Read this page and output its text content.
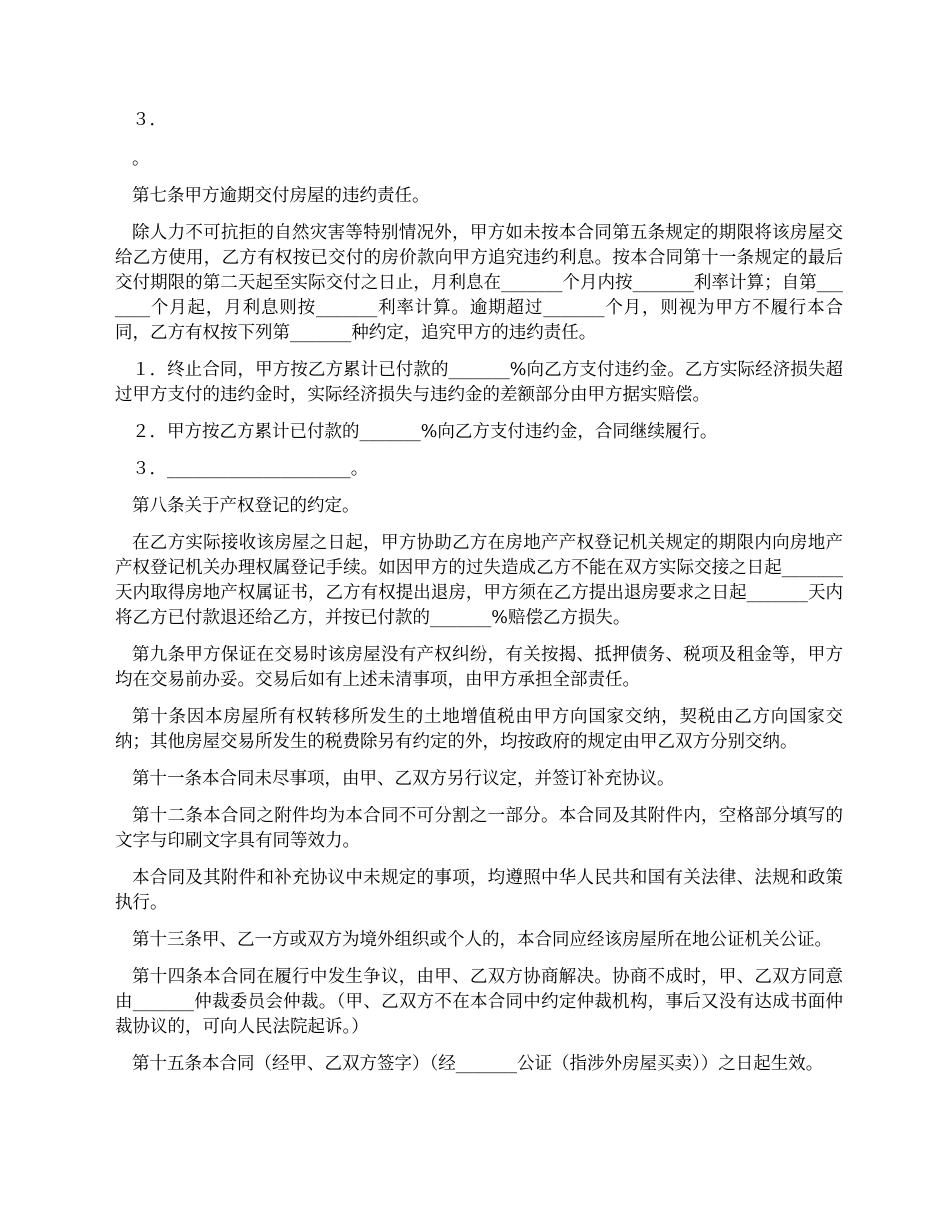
３．

。

第七条甲方逾期交付房屋的违约责任。

除人力不可抗拒的自然灾害等特别情况外，甲方如未按本合同第五条规定的期限将该房屋交给乙方使用，乙方有权按已交付的房价款向甲方追究违约利息。按本合同第十一条规定的最后交付期限的第二天起至实际交付之日止，月利息在_______个月内按_______利率计算；自第_______个月起，月利息则按_______利率计算。逾期超过_______个月，则视为甲方不履行本合同，乙方有权按下列第_______种约定，追究甲方的违约责任。

１．终止合同，甲方按乙方累计已付款的_______%向乙方支付违约金。乙方实际经济损失超过甲方支付的违约金时，实际经济损失与违约金的差额部分由甲方据实赔偿。

２．甲方按乙方累计已付款的_______%向乙方支付违约金，合同继续履行。

３．_____________________。

第八条关于产权登记的约定。

在乙方实际接收该房屋之日起，甲方协助乙方在房地产产权登记机关规定的期限内向房地产产权登记机关办理权属登记手续。如因甲方的过失造成乙方不能在双方实际交接之日起_______天内取得房地产权属证书，乙方有权提出退房，甲方须在乙方提出退房要求之日起_______天内将乙方已付款退还给乙方，并按已付款的_______%赔偿乙方损失。

第九条甲方保证在交易时该房屋没有产权纠纷，有关按揭、抵押债务、税项及租金等，甲方均在交易前办妥。交易后如有上述未清事项，由甲方承担全部责任。

第十条因本房屋所有权转移所发生的土地增值税由甲方向国家交纳，契税由乙方向国家交纳；其他房屋交易所发生的税费除另有约定的外，均按政府的规定由甲乙双方分别交纳。

第十一条本合同未尽事项，由甲、乙双方另行议定，并签订补充协议。

第十二条本合同之附件均为本合同不可分割之一部分。本合同及其附件内，空格部分填写的文字与印刷文字具有同等效力。

本合同及其附件和补充协议中未规定的事项，均遵照中华人民共和国有关法律、法规和政策执行。

第十三条甲、乙一方或双方为境外组织或个人的，本合同应经该房屋所在地公证机关公证。

第十四条本合同在履行中发生争议，由甲、乙双方协商解决。协商不成时，甲、乙双方同意由_______仲裁委员会仲裁。（甲、乙双方不在本合同中约定仲裁机构，事后又没有达成书面仲裁协议的，可向人民法院起诉。）

第十五条本合同（经甲、乙双方签字）（经_______公证（指涉外房屋买卖））之日起生效。
